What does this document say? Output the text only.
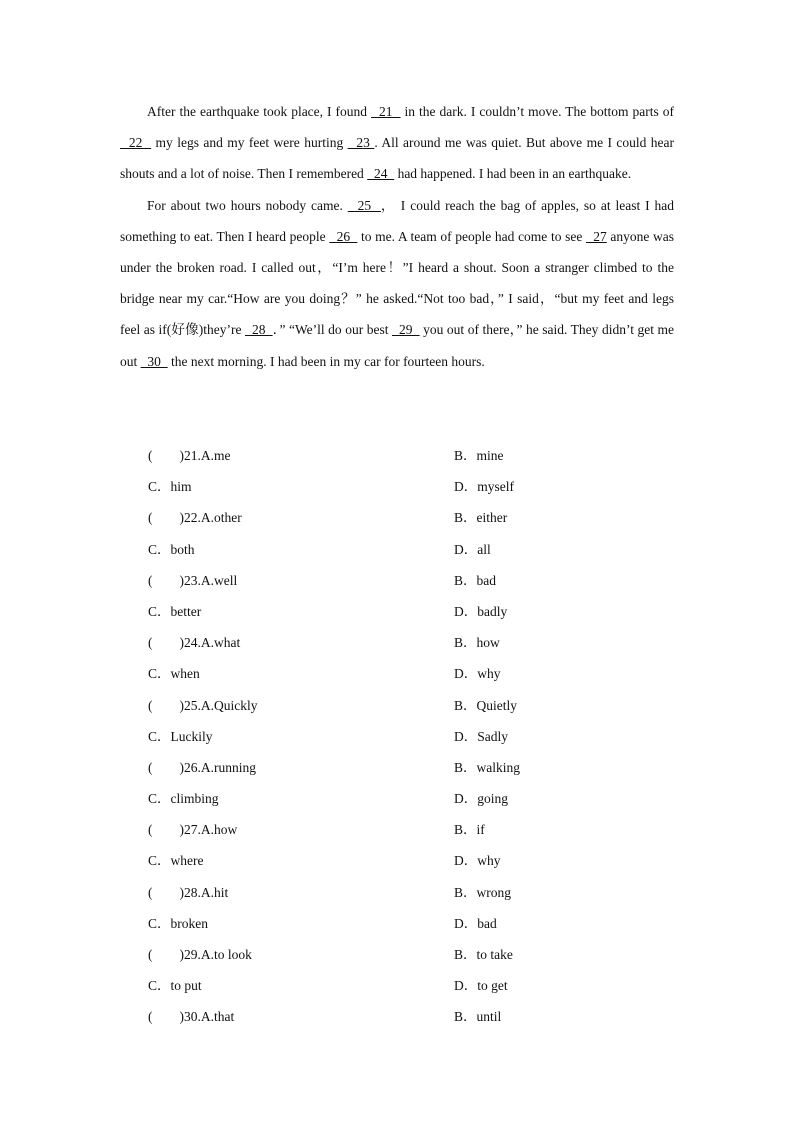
After the earthquake took place, I found   21   in the dark. I couldn’t move. The bottom parts of   22   my legs and my feet were hurting   23 . All around me was quiet. But above me I could hear shouts and a lot of noise. Then I remembered   24   had happened. I had been in an earthquake.

For about two hours nobody came.   25  ， I could reach the bag of apples, so at least I had something to eat. Then I heard people   26   to me. A team of people had come to see   27 anyone was under the broken road. I called out，“I’m here！”I heard a shout. Soon a stranger climbed to the bridge near my car.“How are you doing？” he asked.“Not too bad，” I said，“but my feet and legs feel as if(好像)they’re   28  ．” “We’ll do our best   29   you out of there，” he said. They didn’t get me out   30   the next morning. I had been in my car for fourteen hours.

(        )21.A.me	B．mine
C．him	D．myself
(        )22.A.other	B．either
C．both	D．all
(        )23.A.well	B．bad
C．better	D．badly
(        )24.A.what	B．how
C．when	D．why
(        )25.A.Quickly	B．Quietly
C．Luckily	D．Sadly
(        )26.A.running	B．walking
C．climbing	D．going
(        )27.A.how	B．if
C．where	D．why
(        )28.A.hit	B．wrong
C．broken	D．bad
(        )29.A.to look	B．to take
C．to put	D．to get
(        )30.A.that	B．until
